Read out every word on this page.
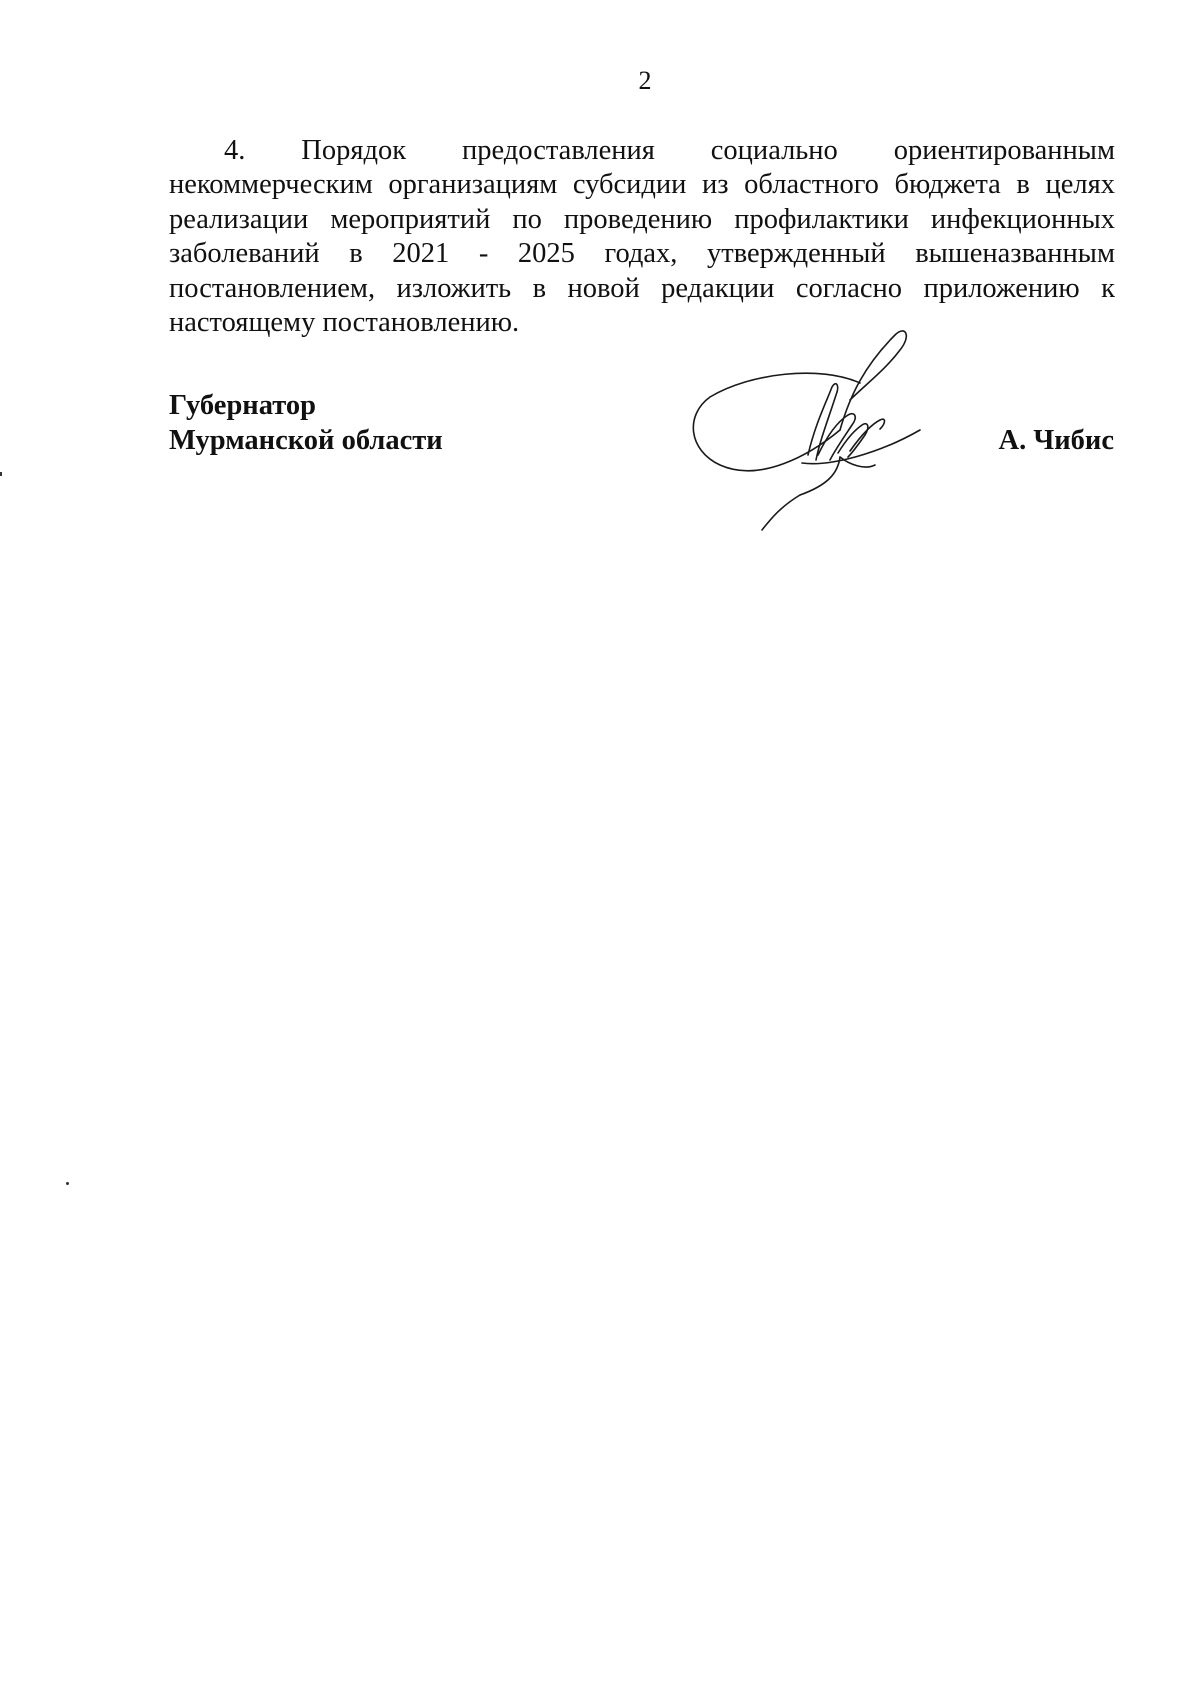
2

4. Порядок предоставления социально ориентированным некоммерческим организациям субсидии из областного бюджета в целях реализации мероприятий по проведению профилактики инфекционных заболеваний в 2021 - 2025 годах, утвержденный вышеназванным постановлением, изложить в новой редакции согласно приложению к настоящему постановлению.

Губернатор
Мурманской области	А. Чибис
